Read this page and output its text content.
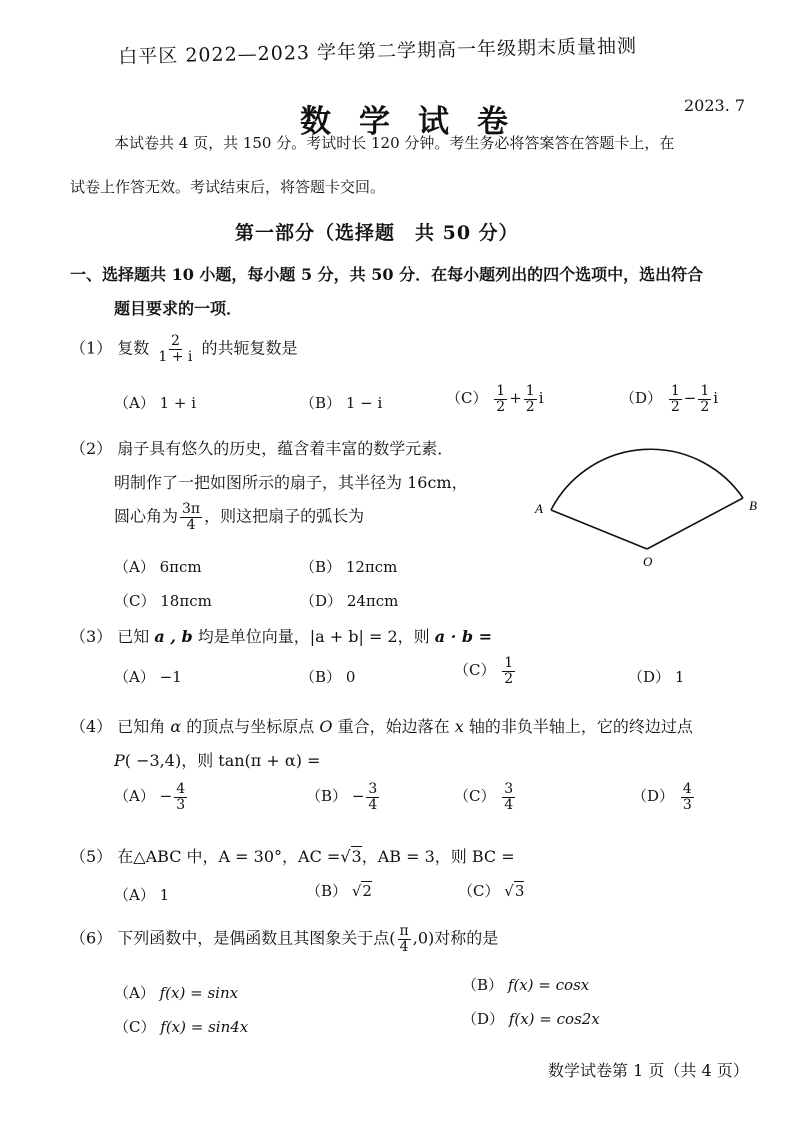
白平区 2022—2023 学年第二学期高一年级期末质量抽测
数学试卷	2023. 7
本试卷共 4 页，共 150 分。考试时长 120 分钟。考生务必将答案答在答题卡上，在
试卷上作答无效。考试结束后，将答题卡交回。
第一部分（选择题　共 50 分）
一、选择题共 10 小题，每小题 5 分，共 50 分．在每小题列出的四个选项中，选出符合
题目要求的一项．
（1） 复数 $\frac{2}{1 + i}$ 的共轭复数是
（A） 1 + i	（B） 1 − i	$(C) \frac{1}{2} + \frac{1}{2}$ i	$(D) \frac{1}{2} - \frac{1}{2}$ i
（2） 扇子具有悠久的历史，蕴含着丰富的数学元素．
明制作了一把如图所示的扇子，其半径为 16cm，
圆心角为 $\frac{3\pi}{4}$ ，则这把扇子的弧长为
（A） 6πcm	（B） 12πcm
（C） 18πcm	（D） 24πcm
A	B
O
（3） 已知 a , b 均是单位向量，|a + b| = 2，则 a · b =
（A） −1	（B） 0	$(C) \frac{1}{2}$	（D） 1
（4） 已知角 α 的顶点与坐标原点 O 重合，始边落在 x 轴的非负半轴上，它的终边过点
P( −3,4)，则 tan(π + α) =
$(A) - \frac{4}{3}$	$(B) - \frac{3}{4}$	$(C) \frac{3}{4}$	$(D) \frac{4}{3}$
（5） 在△ABC 中，A = 30°，AC =√3，AB = 3，则 BC =
（A） 1	（B） √2	（C） √3
（6） 下列函数中，是偶函数且其图象关于点( $\frac{\pi}{4} ,0$)对称的是
（A） f(x) = sinx	（B） f(x) = cosx
（C） f(x) = sin4x	（D） f(x) = cos2x
数学试卷第 1 页（共 4 页）
